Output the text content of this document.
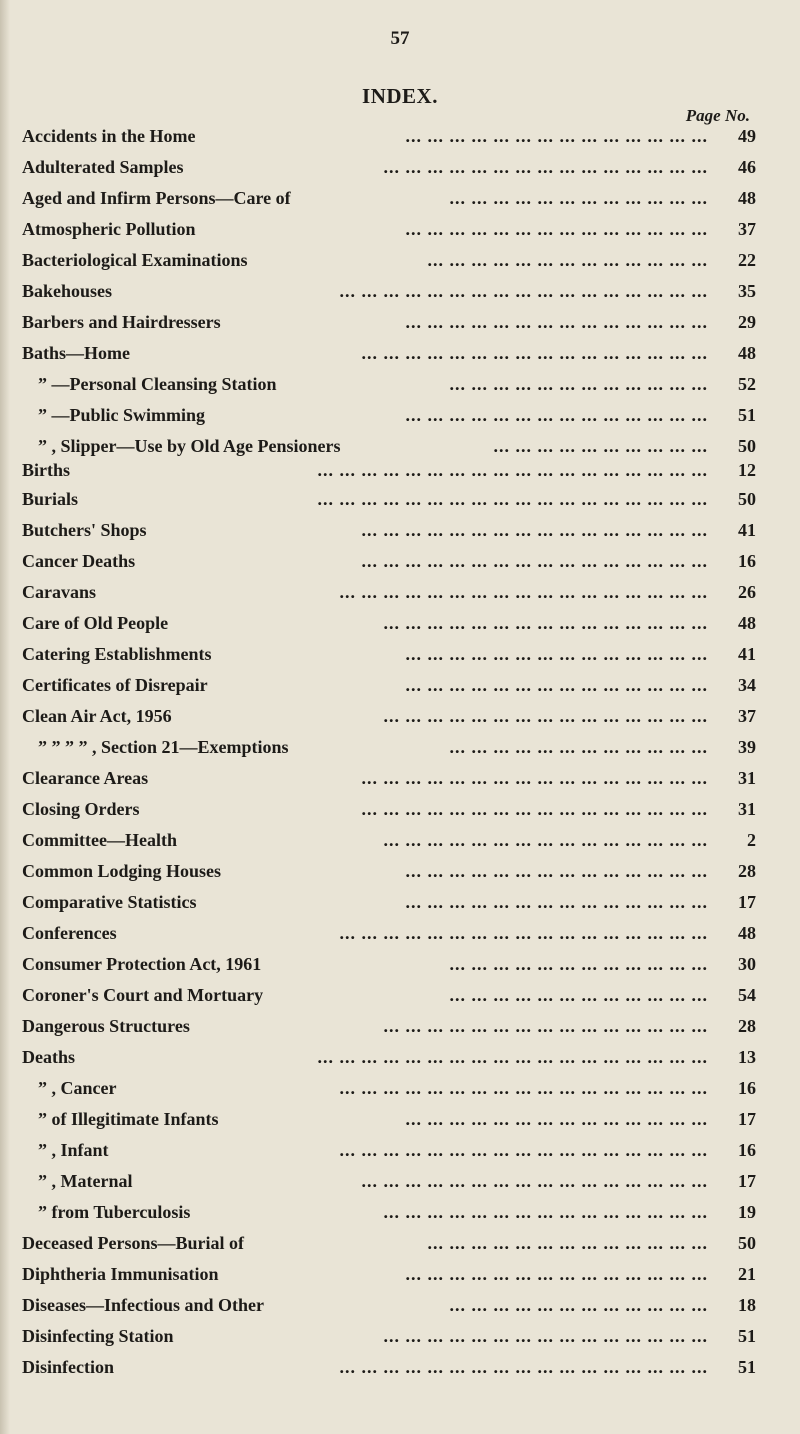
57
INDEX.
Page No.
Accidents in the Home	... ... ... ... ... ... ... ... ... ... ... ... ... ... 49
Adulterated Samples	... ... ... ... ... ... ... ... ... ... ... ... ... ... ... 46
Aged and Infirm Persons—Care of	... ... ... ... ... ... ... ... ... ... ... ... 48
Atmospheric Pollution	... ... ... ... ... ... ... ... ... ... ... ... ... ... 37
Bacteriological Examinations	... ... ... ... ... ... ... ... ... ... ... ... ... 22
Bakehouses	... ... ... ... ... ... ... ... ... ... ... ... ... ... ... ... ... 35
Barbers and Hairdressers	... ... ... ... ... ... ... ... ... ... ... ... ... ... 29
Baths—Home	... ... ... ... ... ... ... ... ... ... ... ... ... ... ... ... 48
” —Personal Cleansing Station	... ... ... ... ... ... ... ... ... ... ... ... 52
” —Public Swimming	... ... ... ... ... ... ... ... ... ... ... ... ... ... 51
” , Slipper—Use by Old Age Pensioners	... ... ... ... ... ... ... ... ... ... 50
Births	... ... ... ... ... ... ... ... ... ... ... ... ... ... ... ... ... ... 12
Burials	... ... ... ... ... ... ... ... ... ... ... ... ... ... ... ... ... ... 50
Butchers' Shops	... ... ... ... ... ... ... ... ... ... ... ... ... ... ... ... 41
Cancer Deaths	... ... ... ... ... ... ... ... ... ... ... ... ... ... ... ... 16
Caravans	... ... ... ... ... ... ... ... ... ... ... ... ... ... ... ... ... 26
Care of Old People	... ... ... ... ... ... ... ... ... ... ... ... ... ... ... 48
Catering Establishments	... ... ... ... ... ... ... ... ... ... ... ... ... ... 41
Certificates of Disrepair	... ... ... ... ... ... ... ... ... ... ... ... ... ... 34
Clean Air Act, 1956	... ... ... ... ... ... ... ... ... ... ... ... ... ... ... 37
” ” ” ” , Section 21—Exemptions	... ... ... ... ... ... ... ... ... ... ... ... 39
Clearance Areas	... ... ... ... ... ... ... ... ... ... ... ... ... ... ... ... 31
Closing Orders	... ... ... ... ... ... ... ... ... ... ... ... ... ... ... ... 31
Committee—Health	... ... ... ... ... ... ... ... ... ... ... ... ... ... ... 2
Common Lodging Houses	... ... ... ... ... ... ... ... ... ... ... ... ... ... 28
Comparative Statistics	... ... ... ... ... ... ... ... ... ... ... ... ... ... 17
Conferences	... ... ... ... ... ... ... ... ... ... ... ... ... ... ... ... ... 48
Consumer Protection Act, 1961	... ... ... ... ... ... ... ... ... ... ... ... 30
Coroner's Court and Mortuary	... ... ... ... ... ... ... ... ... ... ... ... 54
Dangerous Structures	... ... ... ... ... ... ... ... ... ... ... ... ... ... ... 28
Deaths	... ... ... ... ... ... ... ... ... ... ... ... ... ... ... ... ... ... 13
” , Cancer	... ... ... ... ... ... ... ... ... ... ... ... ... ... ... ... ... 16
” of Illegitimate Infants	... ... ... ... ... ... ... ... ... ... ... ... ... ... 17
” , Infant	... ... ... ... ... ... ... ... ... ... ... ... ... ... ... ... ... 16
” , Maternal	... ... ... ... ... ... ... ... ... ... ... ... ... ... ... ... 17
” from Tuberculosis	... ... ... ... ... ... ... ... ... ... ... ... ... ... ... 19
Deceased Persons—Burial of	... ... ... ... ... ... ... ... ... ... ... ... ... 50
Diphtheria Immunisation	... ... ... ... ... ... ... ... ... ... ... ... ... ... 21
Diseases—Infectious and Other	... ... ... ... ... ... ... ... ... ... ... ... 18
Disinfecting Station	... ... ... ... ... ... ... ... ... ... ... ... ... ... ... 51
Disinfection	... ... ... ... ... ... ... ... ... ... ... ... ... ... ... ... ... 51
